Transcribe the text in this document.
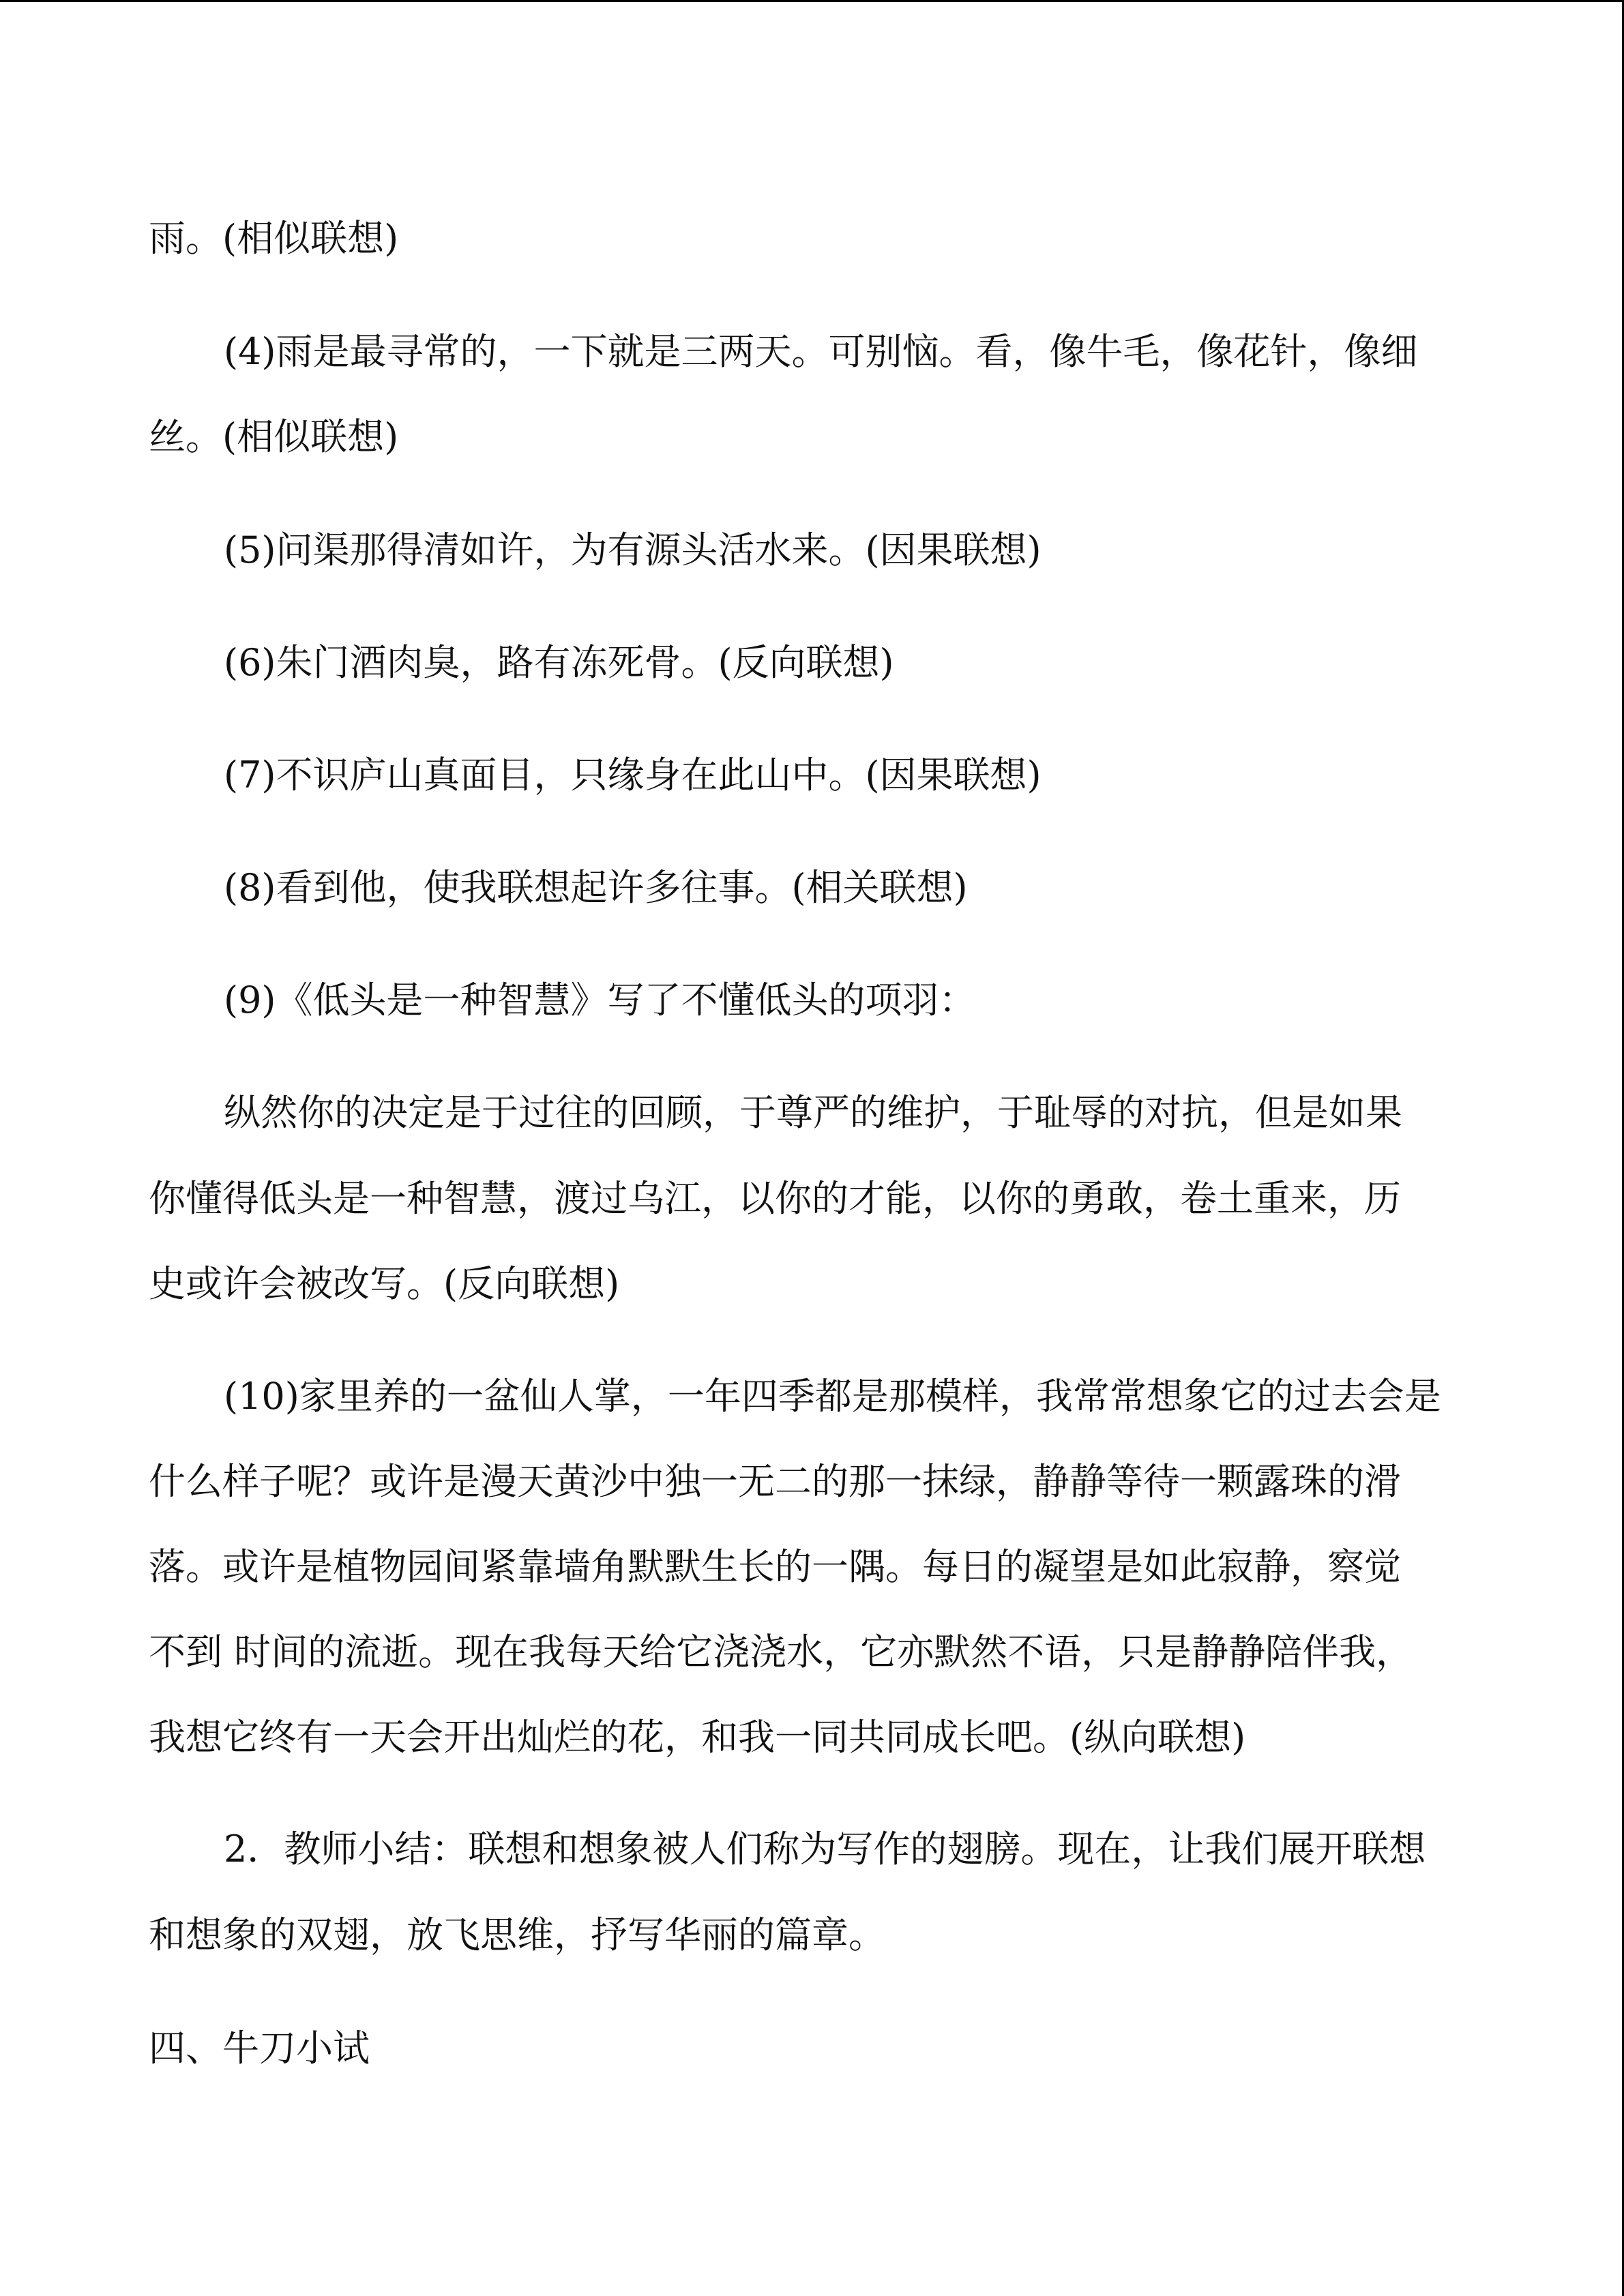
雨。(相似联想)
(4)雨是最寻常的，一下就是三两天。可别恼。看，像牛毛，像花针，像细
丝。(相似联想)
(5)问渠那得清如许，为有源头活水来。(因果联想)
(6)朱门酒肉臭，路有冻死骨。(反向联想)
(7)不识庐山真面目，只缘身在此山中。(因果联想)
(8)看到他，使我联想起许多往事。(相关联想)
(9)《低头是一种智慧》写了不懂低头的项羽：
纵然你的决定是于过往的回顾，于尊严的维护，于耻辱的对抗，但是如果
你懂得低头是一种智慧，渡过乌江，以你的才能，以你的勇敢，卷土重来，历
史或许会被改写。(反向联想)
(10)家里养的一盆仙人掌，一年四季都是那模样，我常常想象它的过去会是
什么样子呢？或许是漫天黄沙中独一无二的那一抹绿，静静等待一颗露珠的滑
落。或许是植物园间紧靠墙角默默生长的一隅。每日的凝望是如此寂静，察觉
不到 时间的流逝。现在我每天给它浇浇水，它亦默然不语，只是静静陪伴我，
我想它终有一天会开出灿烂的花，和我一同共同成长吧。(纵向联想)
2．教师小结：联想和想象被人们称为写作的翅膀。现在，让我们展开联想
和想象的双翅，放飞思维，抒写华丽的篇章。
四、牛刀小试
